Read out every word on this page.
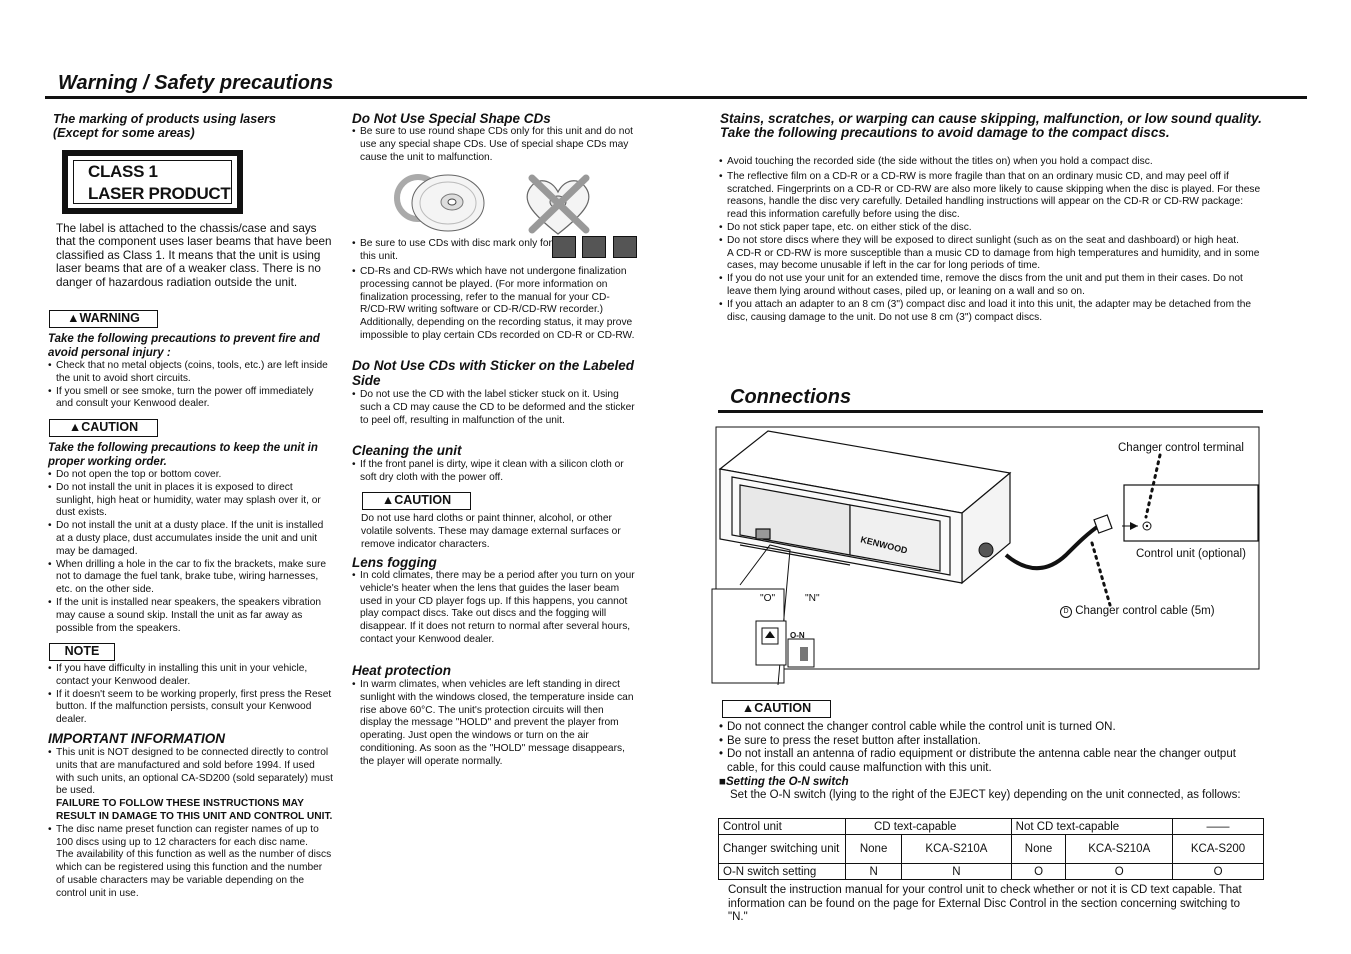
Warning / Safety precautions
The marking of products using lasers (Except for some areas)
CLASS 1
LASER PRODUCT
The label is attached to the chassis/case and says that the component uses laser beams that have been classified as Class 1. It means that the unit is using laser beams that are of a weaker class. There is no danger of hazardous radiation outside the unit.
▲WARNING
Take the following precautions to prevent fire and avoid personal injury :
• Check that no metal objects (coins, tools, etc.) are left inside the unit to avoid short circuits.
• If you smell or see smoke, turn the power off immediately and consult your Kenwood dealer.
▲CAUTION
Take the following precautions to keep the unit in proper working order.
• Do not open the top or bottom cover.
• Do not install the unit in places it is exposed to direct sunlight, high heat or humidity, water may splash over it, or dust exists.
• Do not install the unit at a dusty place. If the unit is installed at a dusty place, dust accumulates inside the unit and unit may be damaged.
• When drilling a hole in the car to fix the brackets, make sure not to damage the fuel tank, brake tube, wiring harnesses, etc. on the other side.
• If the unit is installed near speakers, the speakers vibration may cause a sound skip. Install the unit as far away as possible from the speakers.
NOTE
• If you have difficulty in installing this unit in your vehicle, contact your Kenwood dealer.
• If it doesn't seem to be working properly, first press the Reset button. If the malfunction persists, consult your Kenwood dealer.
IMPORTANT INFORMATION
• This unit is NOT designed to be connected directly to control units that are manufactured and sold before 1994. If used with such units, an optional CA-SD200 (sold separately) must be used.
FAILURE TO FOLLOW THESE INSTRUCTIONS MAY RESULT IN DAMAGE TO THIS UNIT AND CONTROL UNIT.
• The disc name preset function can register names of up to 100 discs using up to 12 characters for each disc name.
The availability of this function as well as the number of discs which can be registered using this function and the number of usable characters may be variable depending on the control unit in use.
Do Not Use Special Shape CDs
• Be sure to use round shape CDs only for this unit and do not use any special shape CDs. Use of special shape CDs may cause the unit to malfunction.
• Be sure to use CDs with disc mark only for this unit.

• CD-Rs and CD-RWs which have not undergone finalization processing cannot be played. (For more information on finalization processing, refer to the manual for your CD-R/CD-RW writing software or CD-R/CD-RW recorder.) Additionally, depending on the recording status, it may prove impossible to play certain CDs recorded on CD-R or CD-RW.
Do Not Use CDs with Sticker on the Labeled Side
• Do not use the CD with the label sticker stuck on it. Using such a CD may cause the CD to be deformed and the sticker to peel off, resulting in malfunction of the unit.
Cleaning the unit
• If the front panel is dirty, wipe it clean with a silicon cloth or soft dry cloth with the power off.
▲CAUTION
Do not use hard cloths or paint thinner, alcohol, or other volatile solvents. These may damage external surfaces or remove indicator characters.
Lens fogging
• In cold climates, there may be a period after you turn on your vehicle's heater when the lens that guides the laser beam used in your CD player fogs up. If this happens, you cannot play compact discs. Take out discs and the fogging will disappear. If it does not return to normal after several hours, contact your Kenwood dealer.
Heat protection
• In warm climates, when vehicles are left standing in direct sunlight with the windows closed, the temperature inside can rise above 60°C. The unit's protection circuits will then display the message "HOLD" and prevent the player from operating. Just open the windows or turn on the air conditioning. As soon as the "HOLD" message disappears, the player will operate normally.
Stains, scratches, or warping can cause skipping, malfunction, or low sound quality. Take the following precautions to avoid damage to the compact discs.
• Avoid touching the recorded side (the side without the titles on) when you hold a compact disc.
• The reflective film on a CD-R or a CD-RW is more fragile than that on an ordinary music CD, and may peel off if scratched. Fingerprints on a CD-R or CD-RW are also more likely to cause skipping when the disc is played. For these reasons, handle the disc very carefully. Detailed handling instructions will appear on the CD-R or CD-RW package: read this information carefully before using the disc.
• Do not stick paper tape, etc. on either stick of the disc.
• Do not store discs where they will be exposed to direct sunlight (such as on the seat and dashboard) or high heat.
A CD-R or CD-RW is more susceptible than a music CD to damage from high temperatures and humidity, and in some cases, may become unusable if left in the car for long periods of time.
• If you do not use your unit for an extended time, remove the discs from the unit and put them in their cases. Do not leave them lying around without cases, piled up, or leaning on a wall and so on.
• If you attach an adapter to an 8 cm (3") compact disc and load it into this unit, the adapter may be detached from the disc, causing damage to the unit. Do not use 8 cm (3") compact discs.
Connections
KENWOOD
Changer control terminal
Control unit (optional)
D Changer control cable (5m)
"O"	"N"
O-N
▲CAUTION
• Do not connect the changer control cable while the control unit is turned ON.
• Be sure to press the reset button after installation.
• Do not install an antenna of radio equipment or distribute the antenna cable near the changer output cable, for this could cause malfunction with this unit.
■Setting the O-N switch
Set the O-N switch (lying to the right of the EJECT key) depending on the unit connected, as follows:
Control unit	CD text-capable		Not CD text-capable		——
Changer switching unit	None	KCA-S210A	None	KCA-S210A	KCA-S200
O-N switch setting	N	N	O	O	O
Consult the instruction manual for your control unit to check whether or not it is CD text capable. That information can be found on the page for External Disc Control in the section concerning switching to "N."
